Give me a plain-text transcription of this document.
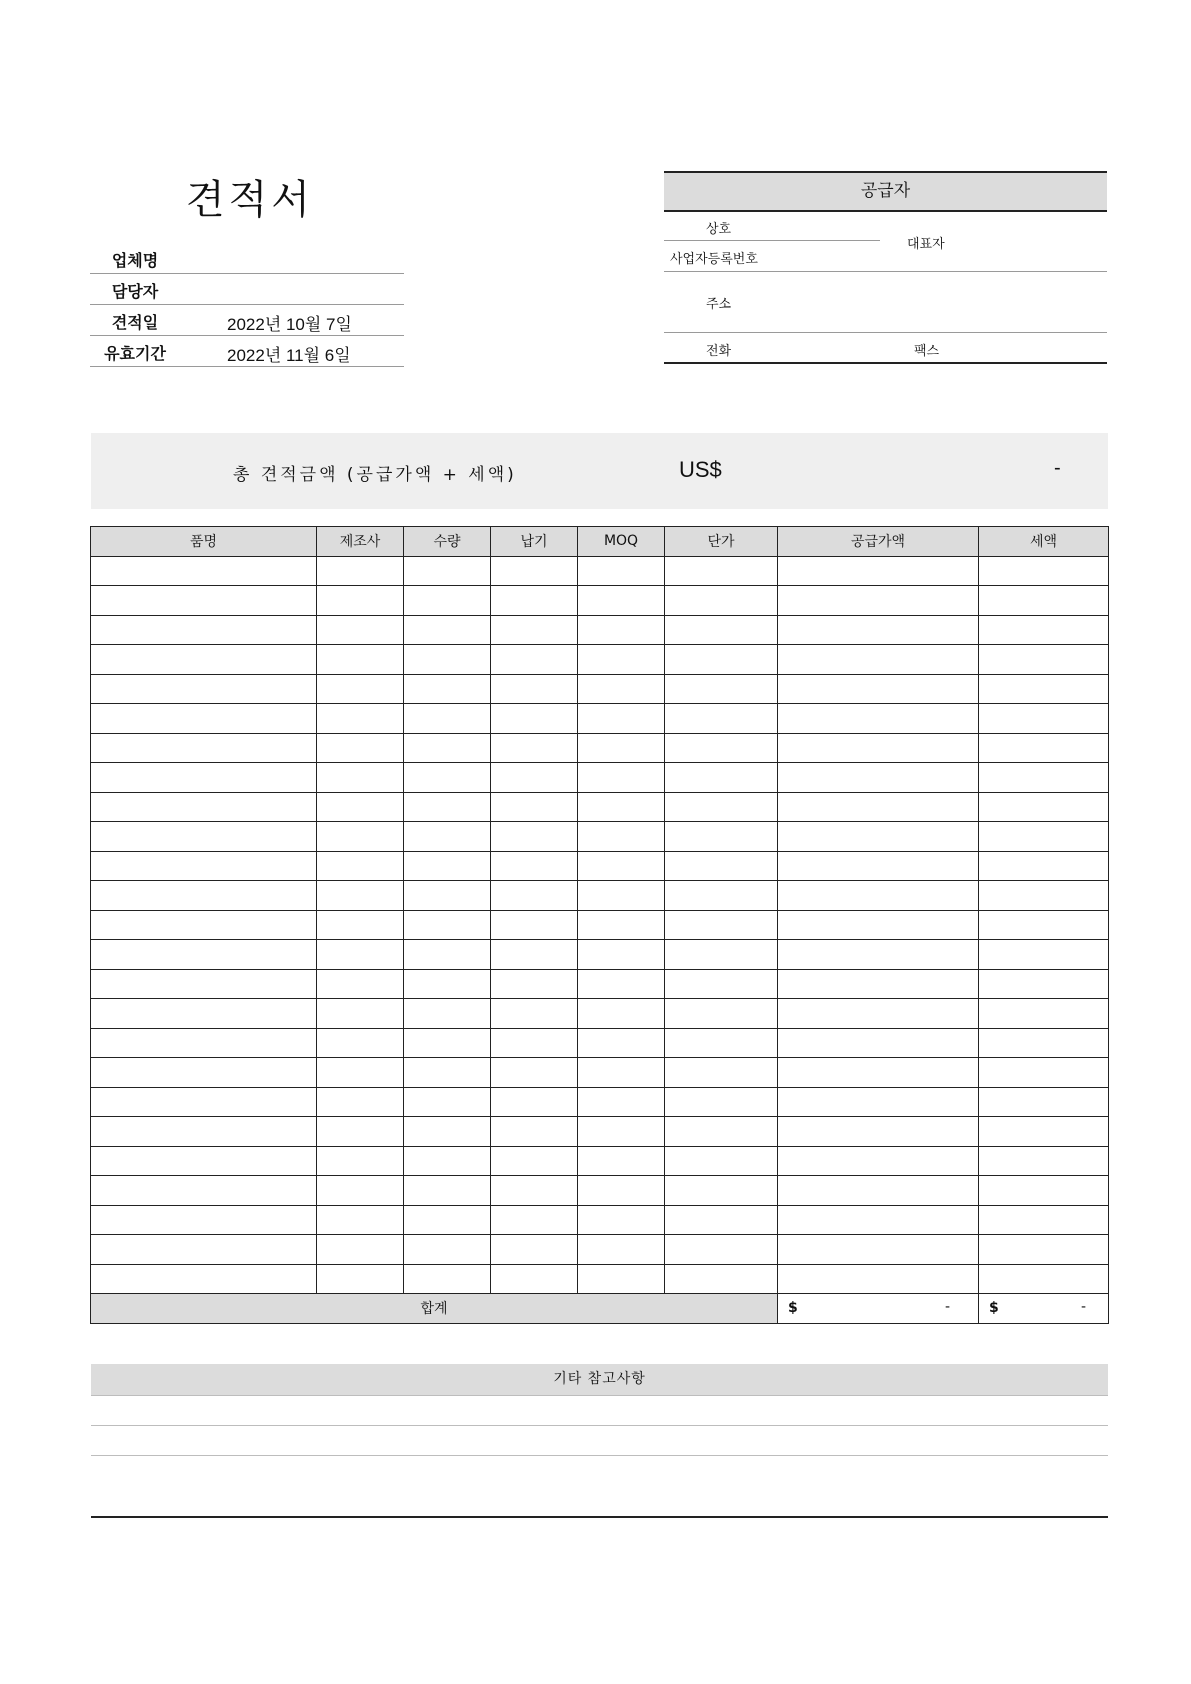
견적서
업체명
담당자
견적일	2022년 10월 7일
유효기간	2022년 11월 6일
공급자
상호
사업자등록번호
대표자
주소
전화	팩스
총 견적금액 (공급가액 + 세액)	US$	-
품명	제조사	수량	납기	MOQ	단가	공급가액	세액

합계						$ -	$ -
기타 참고사항
